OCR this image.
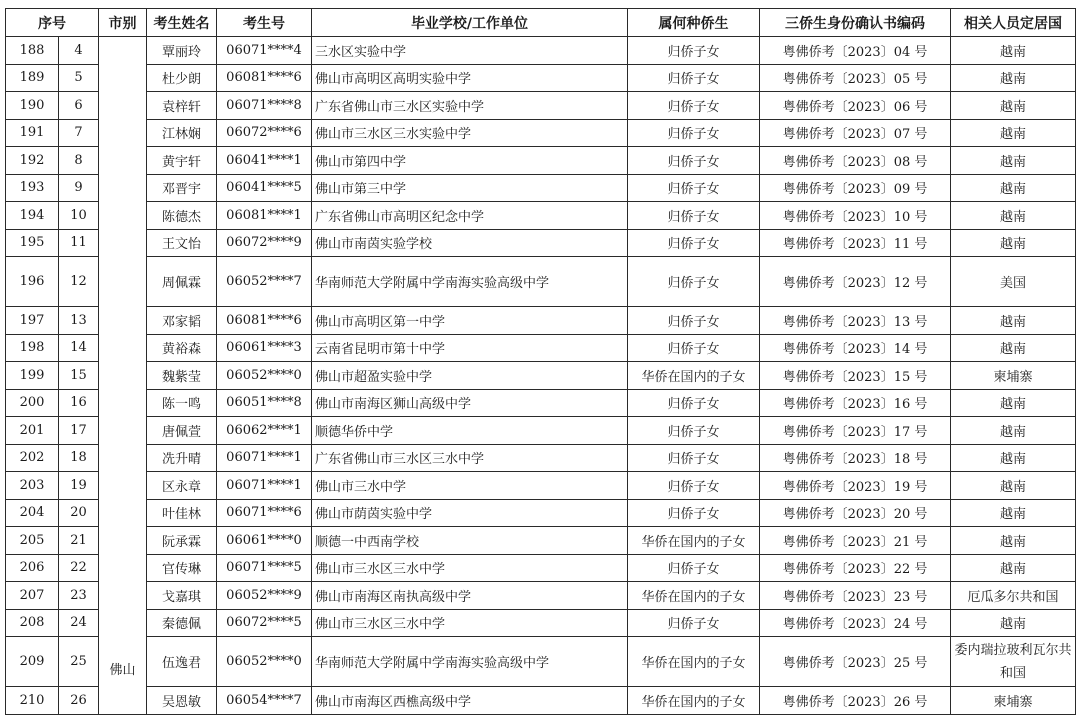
序号		市别	考生姓名	考生号	毕业学校/工作单位	属何种侨生	三侨生身份确认书编码	相关人员定居国
188	4	佛山	覃丽玲	06071****4	三水区实验中学	归侨子女	粤佛侨考〔2023〕04 号	越南
189	5		杜少朗	06081****6	佛山市高明区高明实验中学	归侨子女	粤佛侨考〔2023〕05 号	越南
190	6		袁梓轩	06071****8	广东省佛山市三水区实验中学	归侨子女	粤佛侨考〔2023〕06 号	越南
191	7		江林娴	06072****6	佛山市三水区三水实验中学	归侨子女	粤佛侨考〔2023〕07 号	越南
192	8		黄宇轩	06041****1	佛山市第四中学	归侨子女	粤佛侨考〔2023〕08 号	越南
193	9		邓晋宇	06041****5	佛山市第三中学	归侨子女	粤佛侨考〔2023〕09 号	越南
194	10		陈德杰	06081****1	广东省佛山市高明区纪念中学	归侨子女	粤佛侨考〔2023〕10 号	越南
195	11		王文怡	06072****9	佛山市南茵实验学校	归侨子女	粤佛侨考〔2023〕11 号	越南
196	12		周佩霖	06052****7	华南师范大学附属中学南海实验高级中学	归侨子女	粤佛侨考〔2023〕12 号	美国
197	13		邓家韬	06081****6	佛山市高明区第一中学	归侨子女	粤佛侨考〔2023〕13 号	越南
198	14		黄裕森	06061****3	云南省昆明市第十中学	归侨子女	粤佛侨考〔2023〕14 号	越南
199	15		魏紫莹	06052****0	佛山市超盈实验中学	华侨在国内的子女	粤佛侨考〔2023〕15 号	柬埔寨
200	16		陈一鸣	06051****8	佛山市南海区狮山高级中学	归侨子女	粤佛侨考〔2023〕16 号	越南
201	17		唐佩萱	06062****1	顺德华侨中学	归侨子女	粤佛侨考〔2023〕17 号	越南
202	18		冼升晴	06071****1	广东省佛山市三水区三水中学	归侨子女	粤佛侨考〔2023〕18 号	越南
203	19		区永章	06071****1	佛山市三水中学	归侨子女	粤佛侨考〔2023〕19 号	越南
204	20		叶佳林	06071****6	佛山市荫茵实验中学	归侨子女	粤佛侨考〔2023〕20 号	越南
205	21		阮承霖	06061****0	顺德一中西南学校	华侨在国内的子女	粤佛侨考〔2023〕21 号	越南
206	22		官传琳	06071****5	佛山市三水区三水中学	归侨子女	粤佛侨考〔2023〕22 号	越南
207	23		戈嘉琪	06052****9	佛山市南海区南执高级中学	华侨在国内的子女	粤佛侨考〔2023〕23 号	厄瓜多尔共和国
208	24		秦德佩	06072****5	佛山市三水区三水中学	归侨子女	粤佛侨考〔2023〕24 号	越南
209	25		伍逸君	06052****0	华南师范大学附属中学南海实验高级中学	华侨在国内的子女	粤佛侨考〔2023〕25 号	委内瑞拉玻利瓦尔共和国
210	26		吴恩敏	06054****7	佛山市南海区西樵高级中学	华侨在国内的子女	粤佛侨考〔2023〕26 号	柬埔寨
